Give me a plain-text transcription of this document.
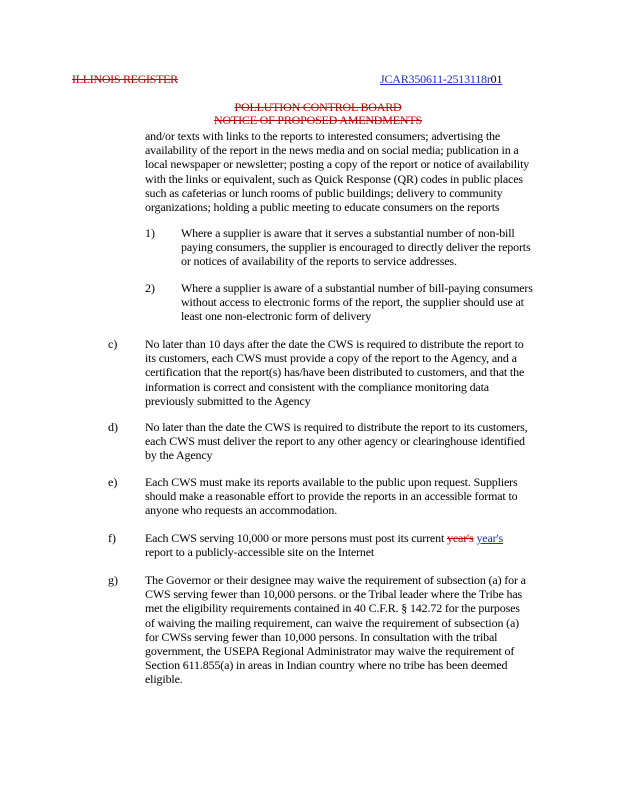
ILLINOIS REGISTER	JCAR350611-2513118r01
POLLUTION CONTROL BOARD
NOTICE OF PROPOSED AMENDMENTS
and/or texts with links to the reports to interested consumers; advertising the
availability of the report in the news media and on social media; publication in a
local newspaper or newsletter; posting a copy of the report or notice of availability
with the links or equivalent, such as Quick Response (QR) codes in public places
such as cafeterias or lunch rooms of public buildings; delivery to community
organizations; holding a public meeting to educate consumers on the reports
1) Where a supplier is aware that it serves a substantial number of non-bill
paying consumers, the supplier is encouraged to directly deliver the reports
or notices of availability of the reports to service addresses.
2) Where a supplier is aware of a substantial number of bill-paying consumers
without access to electronic forms of the report, the supplier should use at
least one non-electronic form of delivery
c) No later than 10 days after the date the CWS is required to distribute the report to
its customers, each CWS must provide a copy of the report to the Agency, and a
certification that the report(s) has/have been distributed to customers, and that the
information is correct and consistent with the compliance monitoring data
previously submitted to the Agency
d) No later than the date the CWS is required to distribute the report to its customers,
each CWS must deliver the report to any other agency or clearinghouse identified
by the Agency
e) Each CWS must make its reports available to the public upon request. Suppliers
should make a reasonable effort to provide the reports in an accessible format to
anyone who requests an accommodation.
f) Each CWS serving 10,000 or more persons must post its current year's year's
report to a publicly-accessible site on the Internet
g) The Governor or their designee may waive the requirement of subsection (a) for a
CWS serving fewer than 10,000 persons. or the Tribal leader where the Tribe has
met the eligibility requirements contained in 40 C.F.R. § 142.72 for the purposes
of waiving the mailing requirement, can waive the requirement of subsection (a)
for CWSs serving fewer than 10,000 persons. In consultation with the tribal
government, the USEPA Regional Administrator may waive the requirement of
Section 611.855(a) in areas in Indian country where no tribe has been deemed
eligible.
